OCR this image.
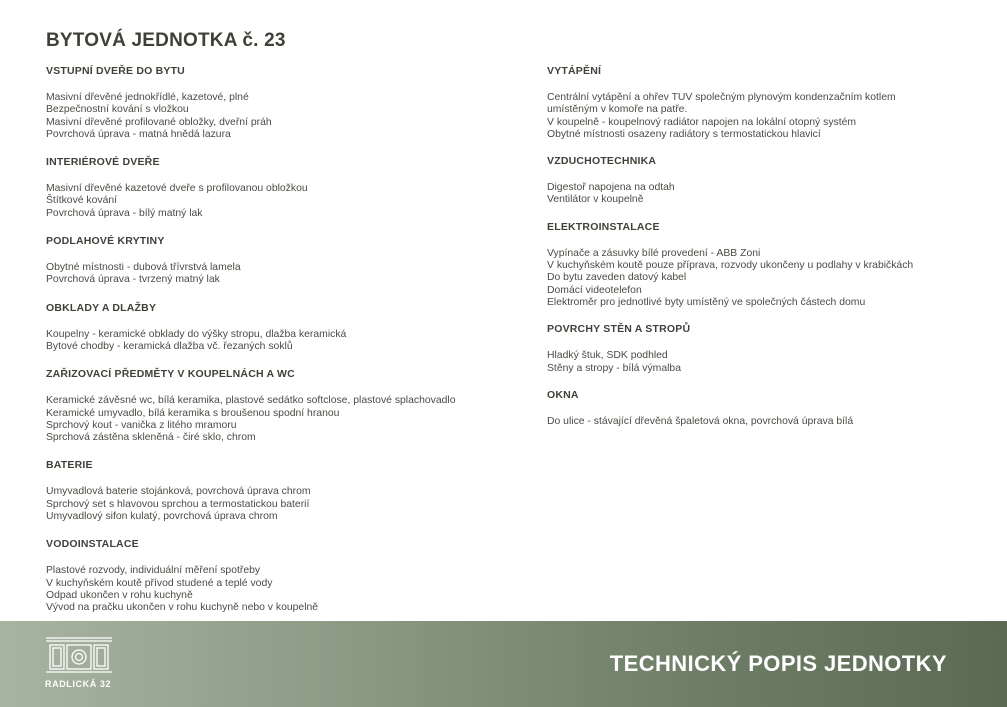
BYTOVÁ JEDNOTKA č. 23
VSTUPNÍ DVEŘE DO BYTU
Masivní dřevěné jednokřídlé, kazetové, plné
Bezpečnostní kování s vložkou
Masivní dřevěné profilované obložky, dveřní práh
Povrchová úprava - matná hnědá lazura
INTERIÉROVÉ DVEŘE
Masivní dřevěné kazetové dveře s profilovanou obložkou
Štítkové kování
Povrchová úprava - bílý matný lak
PODLAHOVÉ KRYTINY
Obytné místnosti - dubová třívrstvá lamela
Povrchová úprava - tvrzený matný lak
OBKLADY A DLAŽBY
Koupelny - keramické obklady do výšky stropu, dlažba keramická
Bytové chodby - keramická dlažba vč. řezaných soklů
ZAŘIZOVACÍ PŘEDMĚTY V KOUPELNÁCH A WC
Keramické závěsné wc, bílá keramika, plastové sedátko softclose, plastové splachovadlo
Keramické umyvadlo, bílá keramika s broušenou spodní hranou
Sprchový kout - vanička z litého mramoru
Sprchová zástěna skleněná - čiré sklo, chrom
BATERIE
Umyvadlová baterie stojánková, povrchová úprava chrom
Sprchový set s hlavovou sprchou a termostatickou baterií
Umyvadlový sifon kulatý, povrchová úprava chrom
VODOINSTALACE
Plastové rozvody, individuální měření spotřeby
V kuchyňském koutě přívod studené a teplé vody
Odpad ukončen v rohu kuchyně
Vývod na pračku ukončen v rohu kuchyně nebo v koupelně
VYTÁPĚNÍ
Centrální vytápění a ohřev TUV společným plynovým kondenzačním kotlem
umístěným v komoře na patře.
V koupelně - koupelnový radiátor napojen na lokální otopný systém
Obytné místnosti osazeny radiátory s termostatickou hlavicí
VZDUCHOTECHNIKA
Digestoř napojena na odtah
Ventilátor v koupelně
ELEKTROINSTALACE
Vypínače a zásuvky bílé provedení - ABB Zoni
V kuchyňském koutě pouze příprava, rozvody ukončeny u podlahy v krabičkách
Do bytu zaveden datový kabel
Domácí videotelefon
Elektroměr pro jednotlivé byty umístěný ve společných částech domu
POVRCHY STĚN A STROPŮ
Hladký štuk, SDK podhled
Stěny a stropy - bílá výmalba
OKNA
Do ulice - stávající dřevěná špaletová okna, povrchová úprava bílá
RADLICKÁ 32
TECHNICKÝ POPIS JEDNOTKY
